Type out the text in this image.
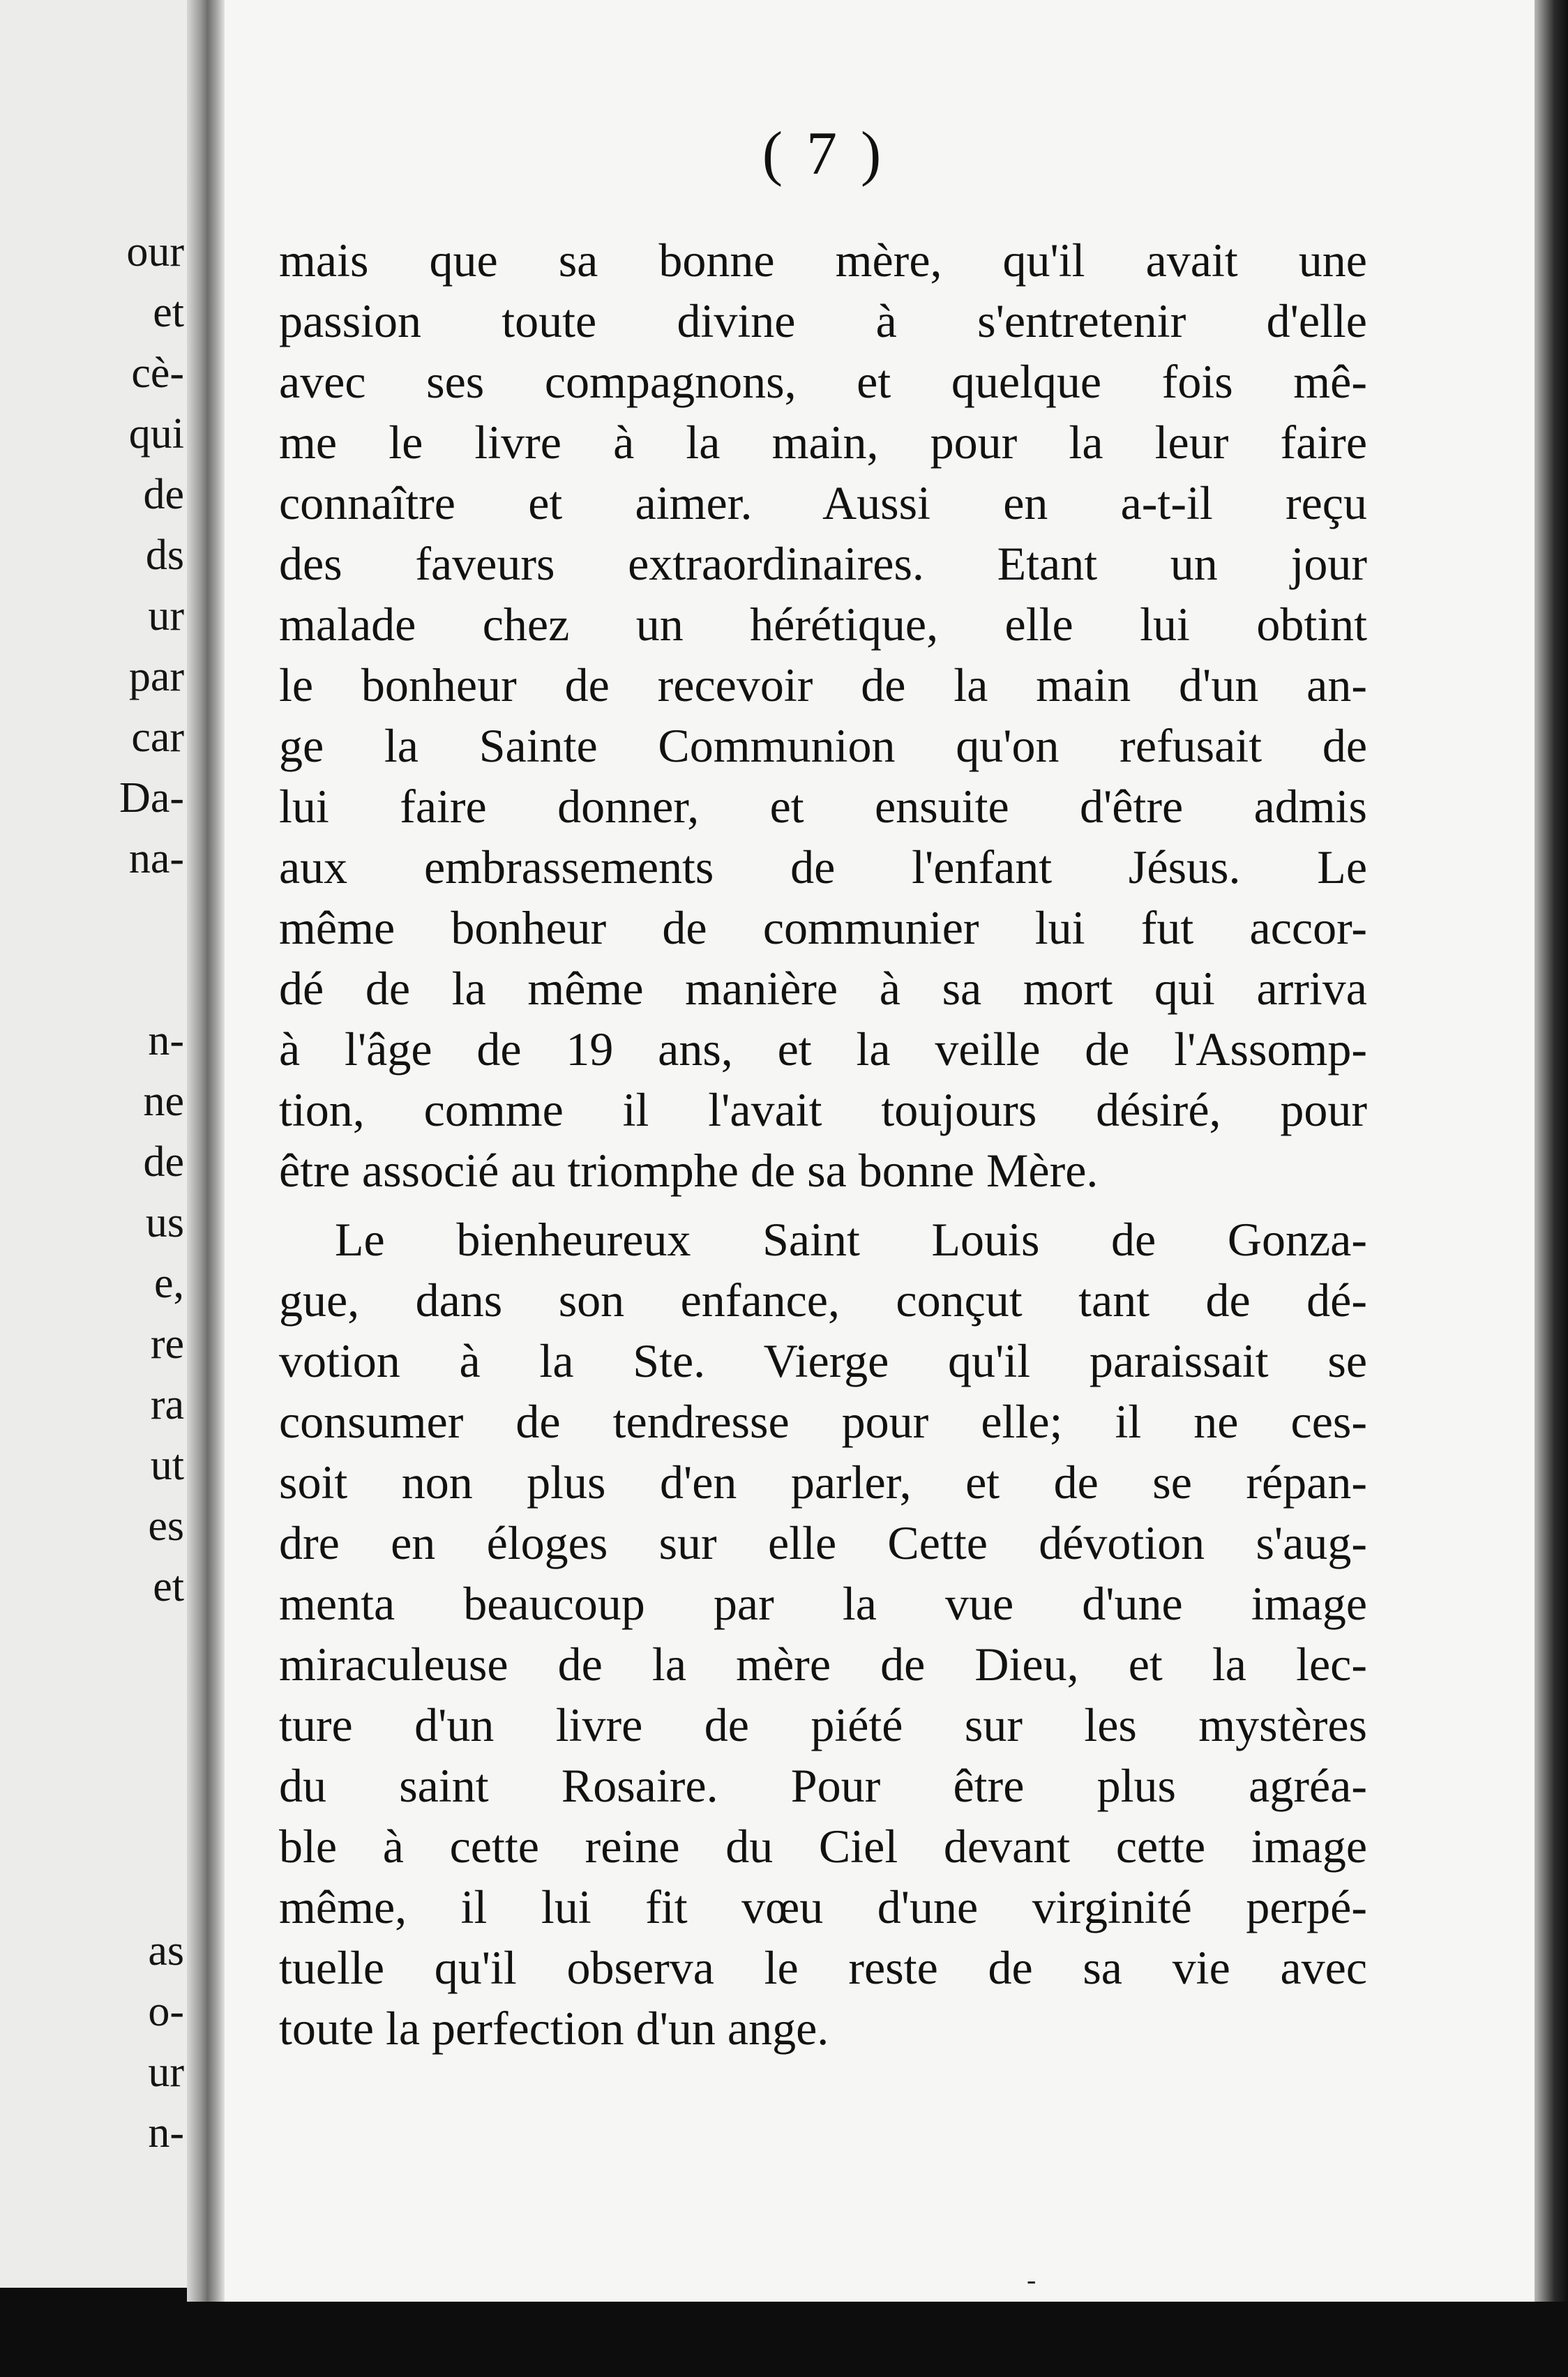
our
et
cè-
qui
de
ds
ur
par
car
Da-
na-
n-
ne
de
us
e,
re
ra
ut
es
et
as
o-
ur
n-
( 7 )
mais que sa bonne mère, qu'il avait une
passion toute divine à s'entretenir d'elle
avec ses compagnons, et quelque fois mê-
me le livre à la main, pour la leur faire
connaître et aimer. Aussi en a-t-il reçu
des faveurs extraordinaires. Etant un jour
malade chez un hérétique, elle lui obtint
le bonheur de recevoir de la main d'un an-
ge la Sainte Communion qu'on refusait de
lui faire donner, et ensuite d'être admis
aux embrassements de l'enfant Jésus. Le
même bonheur de communier lui fut accor-
dé de la même manière à sa mort qui arriva
à l'âge de 19 ans, et la veille de l'Assomp-
tion, comme il l'avait toujours désiré, pour
être associé au triomphe de sa bonne Mère.
Le bienheureux Saint Louis de Gonza-
gue, dans son enfance, conçut tant de dé-
votion à la Ste. Vierge qu'il paraissait se
consumer de tendresse pour elle; il ne ces-
soit non plus d'en parler, et de se répan-
dre en éloges sur elle Cette dévotion s'aug-
menta beaucoup par la vue d'une image
miraculeuse de la mère de Dieu, et la lec-
ture d'un livre de piété sur les mystères
du saint Rosaire. Pour être plus agréa-
ble à cette reine du Ciel devant cette image
même, il lui fit vœu d'une virginité perpé-
tuelle qu'il observa le reste de sa vie avec
toute la perfection d'un ange.
-
